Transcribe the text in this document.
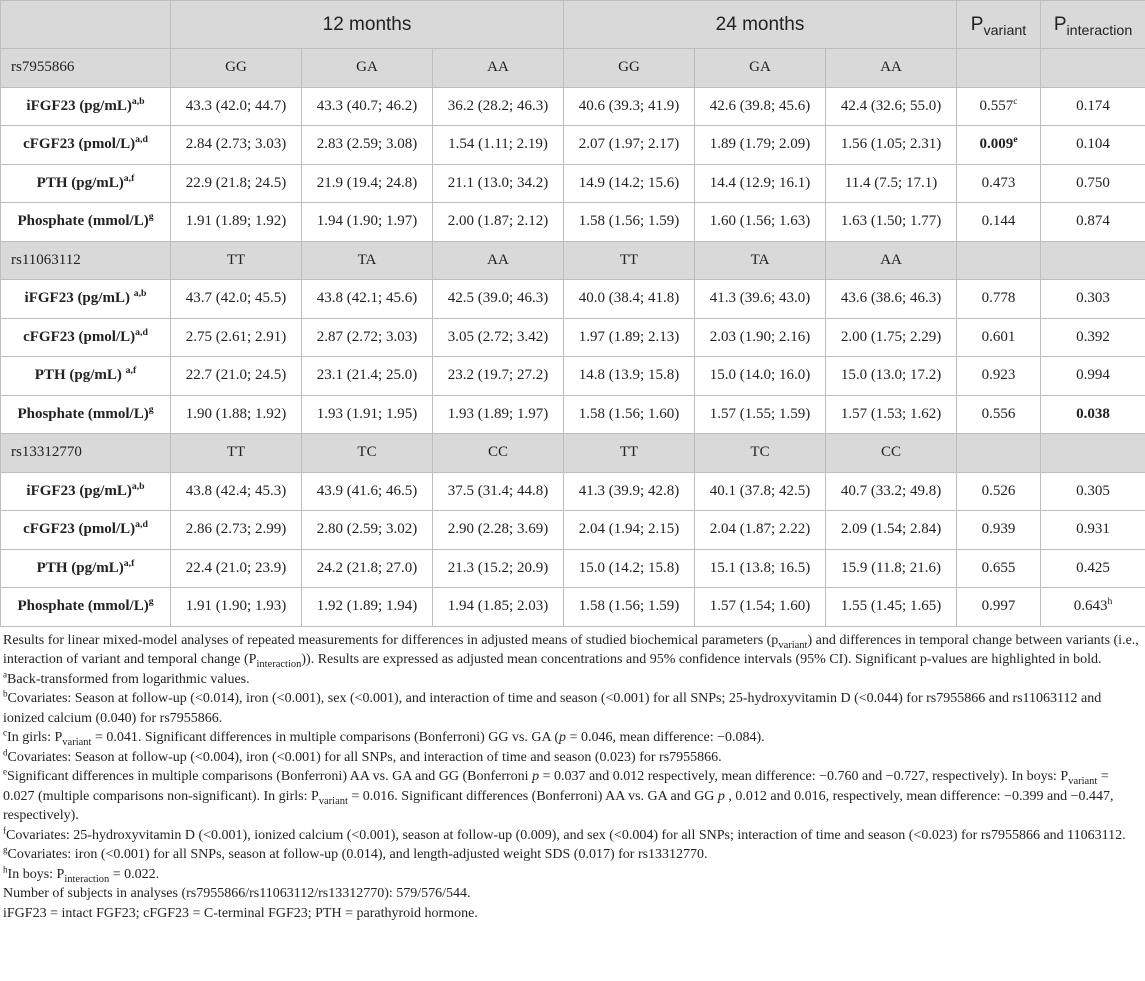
	12 months			24 months			$P_{variant}$	$P_{interaction}$
rs7955866	GG	GA	AA	GG	GA	AA		
iFGF23 $(pg/mL)^{a,b}$	43.3 (42.0; 44.7)	43.3 (40.7; 46.2)	36.2 (28.2; 46.3)	40.6 (39.3; 41.9)	42.6 (39.8; 45.6)	42.4 (32.6; 55.0)	0.557$^c$	0.174
cFGF23 (pmol/L)$^{a,d}$	2.84 (2.73; 3.03)	2.83 (2.59; 3.08)	1.54 (1.11; 2.19)	2.07 (1.97; 2.17)	1.89 (1.79; 2.09)	1.56 (1.05; 2.31)	0.009e	0.104
PTH $(pg/mL)^{a,f}$	22.9 (21.8; 24.5)	21.9 (19.4; 24.8)	21.1 (13.0; 34.2)	14.9 (14.2; 15.6)	14.4 (12.9; 16.1)	11.4 (7.5; 17.1)	0.473	0.750
Phosphate (mmol/L)$^g$	1.91 (1.89; 1.92)	1.94 (1.90; 1.97)	2.00 (1.87; 2.12)	1.58 (1.56; 1.59)	1.60 (1.56; 1.63)	1.63 (1.50; 1.77)	0.144	0.874
rs11063112	TT	TA	AA	TT	TA	AA		
iFGF23 (pg/mL) $^{a,b}$	43.7 (42.0; 45.5)	43.8 (42.1; 45.6)	42.5 (39.0; 46.3)	40.0 (38.4; 41.8)	41.3 (39.6; 43.0)	43.6 (38.6; 46.3)	0.778	0.303
cFGF23 (pmol/L)$^{a,d}$	2.75 (2.61; 2.91)	2.87 (2.72; 3.03)	3.05 (2.72; 3.42)	1.97 (1.89; 2.13)	2.03 (1.90; 2.16)	2.00 (1.75; 2.29)	0.601	0.392
PTH (pg/mL) $^{a,f}$	22.7 (21.0; 24.5)	23.1 (21.4; 25.0)	23.2 (19.7; 27.2)	14.8 (13.9; 15.8)	15.0 (14.0; 16.0)	15.0 (13.0; 17.2)	0.923	0.994
Phosphate (mmol/L)$^g$	1.90 (1.88; 1.92)	1.93 (1.91; 1.95)	1.93 (1.89; 1.97)	1.58 (1.56; 1.60)	1.57 (1.55; 1.59)	1.57 (1.53; 1.62)	0.556	0.038
rs13312770	TT	TC	CC	TT	TC	CC		
iFGF23 $(pg/mL)^{a,b}$	43.8 (42.4; 45.3)	43.9 (41.6; 46.5)	37.5 (31.4; 44.8)	41.3 (39.9; 42.8)	40.1 (37.8; 42.5)	40.7 (33.2; 49.8)	0.526	0.305
cFGF23 (pmol/L)$^{a,d}$	2.86 (2.73; 2.99)	2.80 (2.59; 3.02)	2.90 (2.28; 3.69)	2.04 (1.94; 2.15)	2.04 (1.87; 2.22)	2.09 (1.54; 2.84)	0.939	0.931
PTH $(pg/mL)^{a,f}$	22.4 (21.0; 23.9)	24.2 (21.8; 27.0)	21.3 (15.2; 20.9)	15.0 (14.2; 15.8)	15.1 (13.8; 16.5)	15.9 (11.8; 21.6)	0.655	0.425
Phosphate (mmol/L)$^g$	1.91 (1.90; 1.93)	1.92 (1.89; 1.94)	1.94 (1.85; 2.03)	1.58 (1.56; 1.59)	1.57 (1.54; 1.60)	1.55 (1.45; 1.65)	0.997	0.643$^h$

Results for linear mixed-model analyses of repeated measurements for differences in adjusted means of studied biochemical parameters $(p_{variant})$ and differences in temporal change between variants (i.e., interaction of variant and temporal change $(P_{interaction})$). Results are expressed as adjusted mean concentrations and 95% confidence intervals (95% CI). Significant p-values are highlighted in bold.

$^a$Back-transformed from logarithmic values.

$^b$Covariates: Season at follow-up (<0.014), iron (<0.001), sex (<0.001), and interaction of time and season (<0.001) for all SNPs; 25-hydroxyvitamin D (<0.044) for rs7955866 and rs11063112 and ionized calcium (0.040) for rs7955866.

$^c$In girls: $P_{variant} = 0.041$. Significant differences in multiple comparisons (Bonferroni) GG vs. GA (p = 0.046, mean difference: −0.084).

$^d$Covariates: Season at follow-up (<0.004), iron (<0.001) for all SNPs, and interaction of time and season (0.023) for rs7955866.

$^e$Significant differences in multiple comparisons (Bonferroni) AA vs. GA and GG (Bonferroni p = 0.037 and 0.012 respectively, mean difference: −0.760 and −0.727, respectively). In boys: $P_{variant} = 0.027$ (multiple comparisons non-significant). In girls: $P_{variant} = 0.016$. Significant differences (Bonferroni) AA vs. GA and GG p , 0.012 and 0.016, respectively, mean difference: −0.399 and −0.447, respectively).

$^f$Covariates: 25-hydroxyvitamin D (<0.001), ionized calcium (<0.001), season at follow-up (0.009), and sex (<0.004) for all SNPs; interaction of time and season (<0.023) for rs7955866 and 11063112.

$^g$Covariates: iron (<0.001) for all SNPs, season at follow-up (0.014), and length-adjusted weight SDS (0.017) for rs13312770.

$^h$In boys: $P_{interaction} = 0.022$.

Number of subjects in analyses (rs7955866/rs11063112/rs13312770): 579/576/544.

iFGF23 = intact FGF23; cFGF23 = C-terminal FGF23; PTH = parathyroid hormone.
